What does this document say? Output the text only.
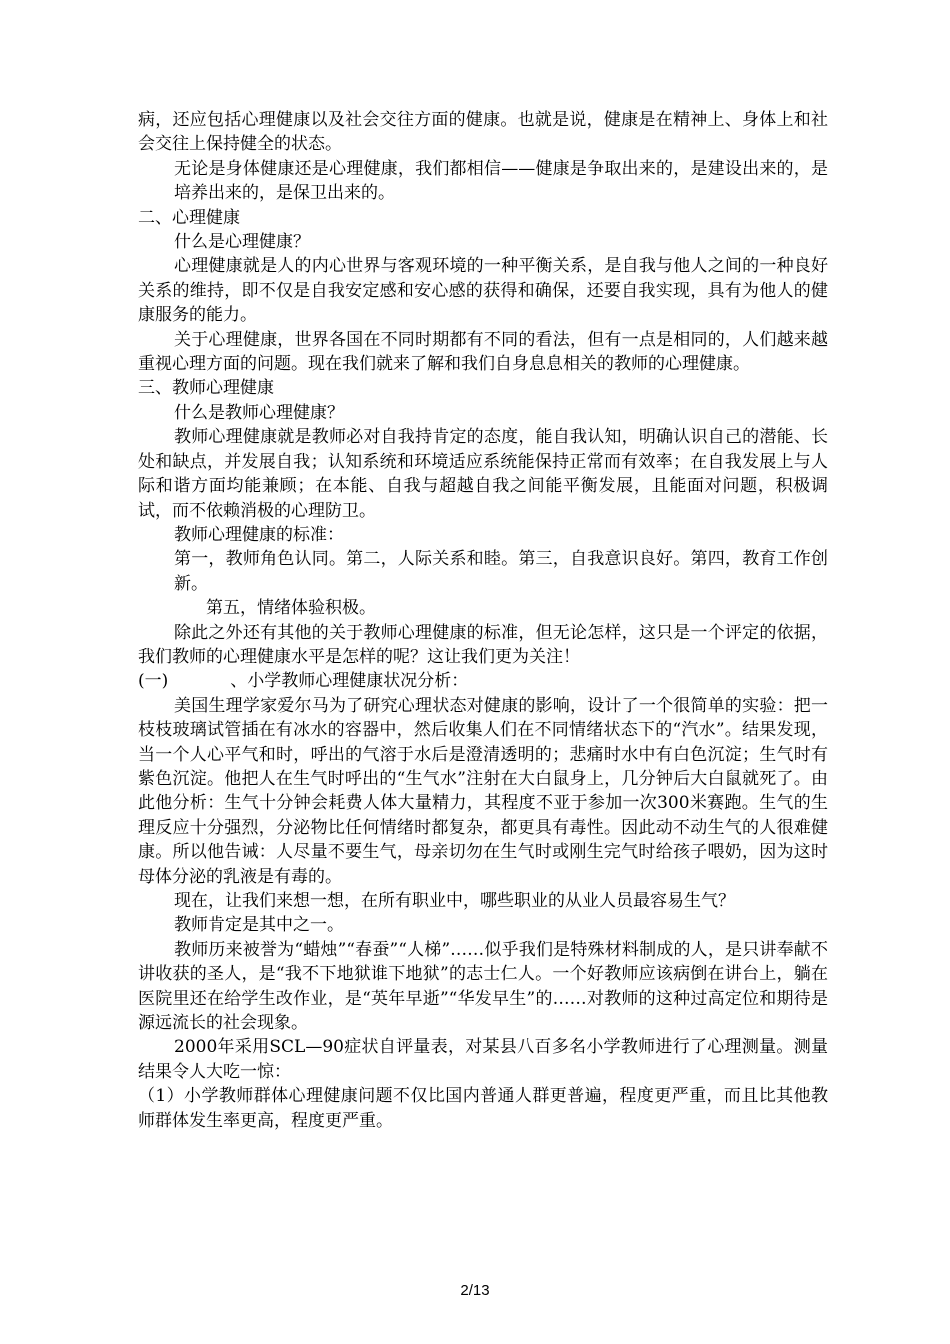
病，还应包括心理健康以及社会交往方面的健康。也就是说，健康是在精神上、身体上和社会交往上保持健全的状态。

无论是身体健康还是心理健康，我们都相信——健康是争取出来的，是建设出来的，是培养出来的，是保卫出来的。

二、心理健康

什么是心理健康？

心理健康就是人的内心世界与客观环境的一种平衡关系，是自我与他人之间的一种良好关系的维持，即不仅是自我安定感和安心感的获得和确保，还要自我实现，具有为他人的健康服务的能力。

关于心理健康，世界各国在不同时期都有不同的看法，但有一点是相同的，人们越来越重视心理方面的问题。现在我们就来了解和我们自身息息相关的教师的心理健康。

三、教师心理健康

什么是教师心理健康？

教师心理健康就是教师必对自我持肯定的态度，能自我认知，明确认识自己的潜能、长处和缺点，并发展自我；认知系统和环境适应系统能保持正常而有效率；在自我发展上与人际和谐方面均能兼顾；在本能、自我与超越自我之间能平衡发展，且能面对问题，积极调试，而不依赖消极的心理防卫。

教师心理健康的标准：

第一，教师角色认同。第二，人际关系和睦。第三，自我意识良好。第四，教育工作创新。

第五，情绪体验积极。

除此之外还有其他的关于教师心理健康的标准，但无论怎样，这只是一个评定的依据，我们教师的心理健康水平是怎样的呢？这让我们更为关注！

(一)	、小学教师心理健康状况分析：

美国生理学家爱尔马为了研究心理状态对健康的影响，设计了一个很简单的实验：把一枝枝玻璃试管插在有冰水的容器中，然后收集人们在不同情绪状态下的“汽水”。结果发现，当一个人心平气和时，呼出的气溶于水后是澄清透明的；悲痛时水中有白色沉淀；生气时有紫色沉淀。他把人在生气时呼出的“生气水”注射在大白鼠身上，几分钟后大白鼠就死了。由此他分析：生气十分钟会耗费人体大量精力，其程度不亚于参加一次300米赛跑。生气的生理反应十分强烈，分泌物比任何情绪时都复杂，都更具有毒性。因此动不动生气的人很难健康。所以他告诫：人尽量不要生气，母亲切勿在生气时或刚生完气时给孩子喂奶，因为这时母体分泌的乳液是有毒的。

现在，让我们来想一想，在所有职业中，哪些职业的从业人员最容易生气？

教师肯定是其中之一。

教师历来被誉为“蜡烛”“春蚕”“人梯”……似乎我们是特殊材料制成的人，是只讲奉献不讲收获的圣人，是“我不下地狱谁下地狱”的志士仁人。一个好教师应该病倒在讲台上，躺在医院里还在给学生改作业，是“英年早逝”“华发早生”的……对教师的这种过高定位和期待是源远流长的社会现象。

2000年采用SCL—90症状自评量表，对某县八百多名小学教师进行了心理测量。测量结果令人大吃一惊：

（1）小学教师群体心理健康问题不仅比国内普通人群更普遍，程度更严重，而且比其他教师群体发生率更高，程度更严重。

2/13
